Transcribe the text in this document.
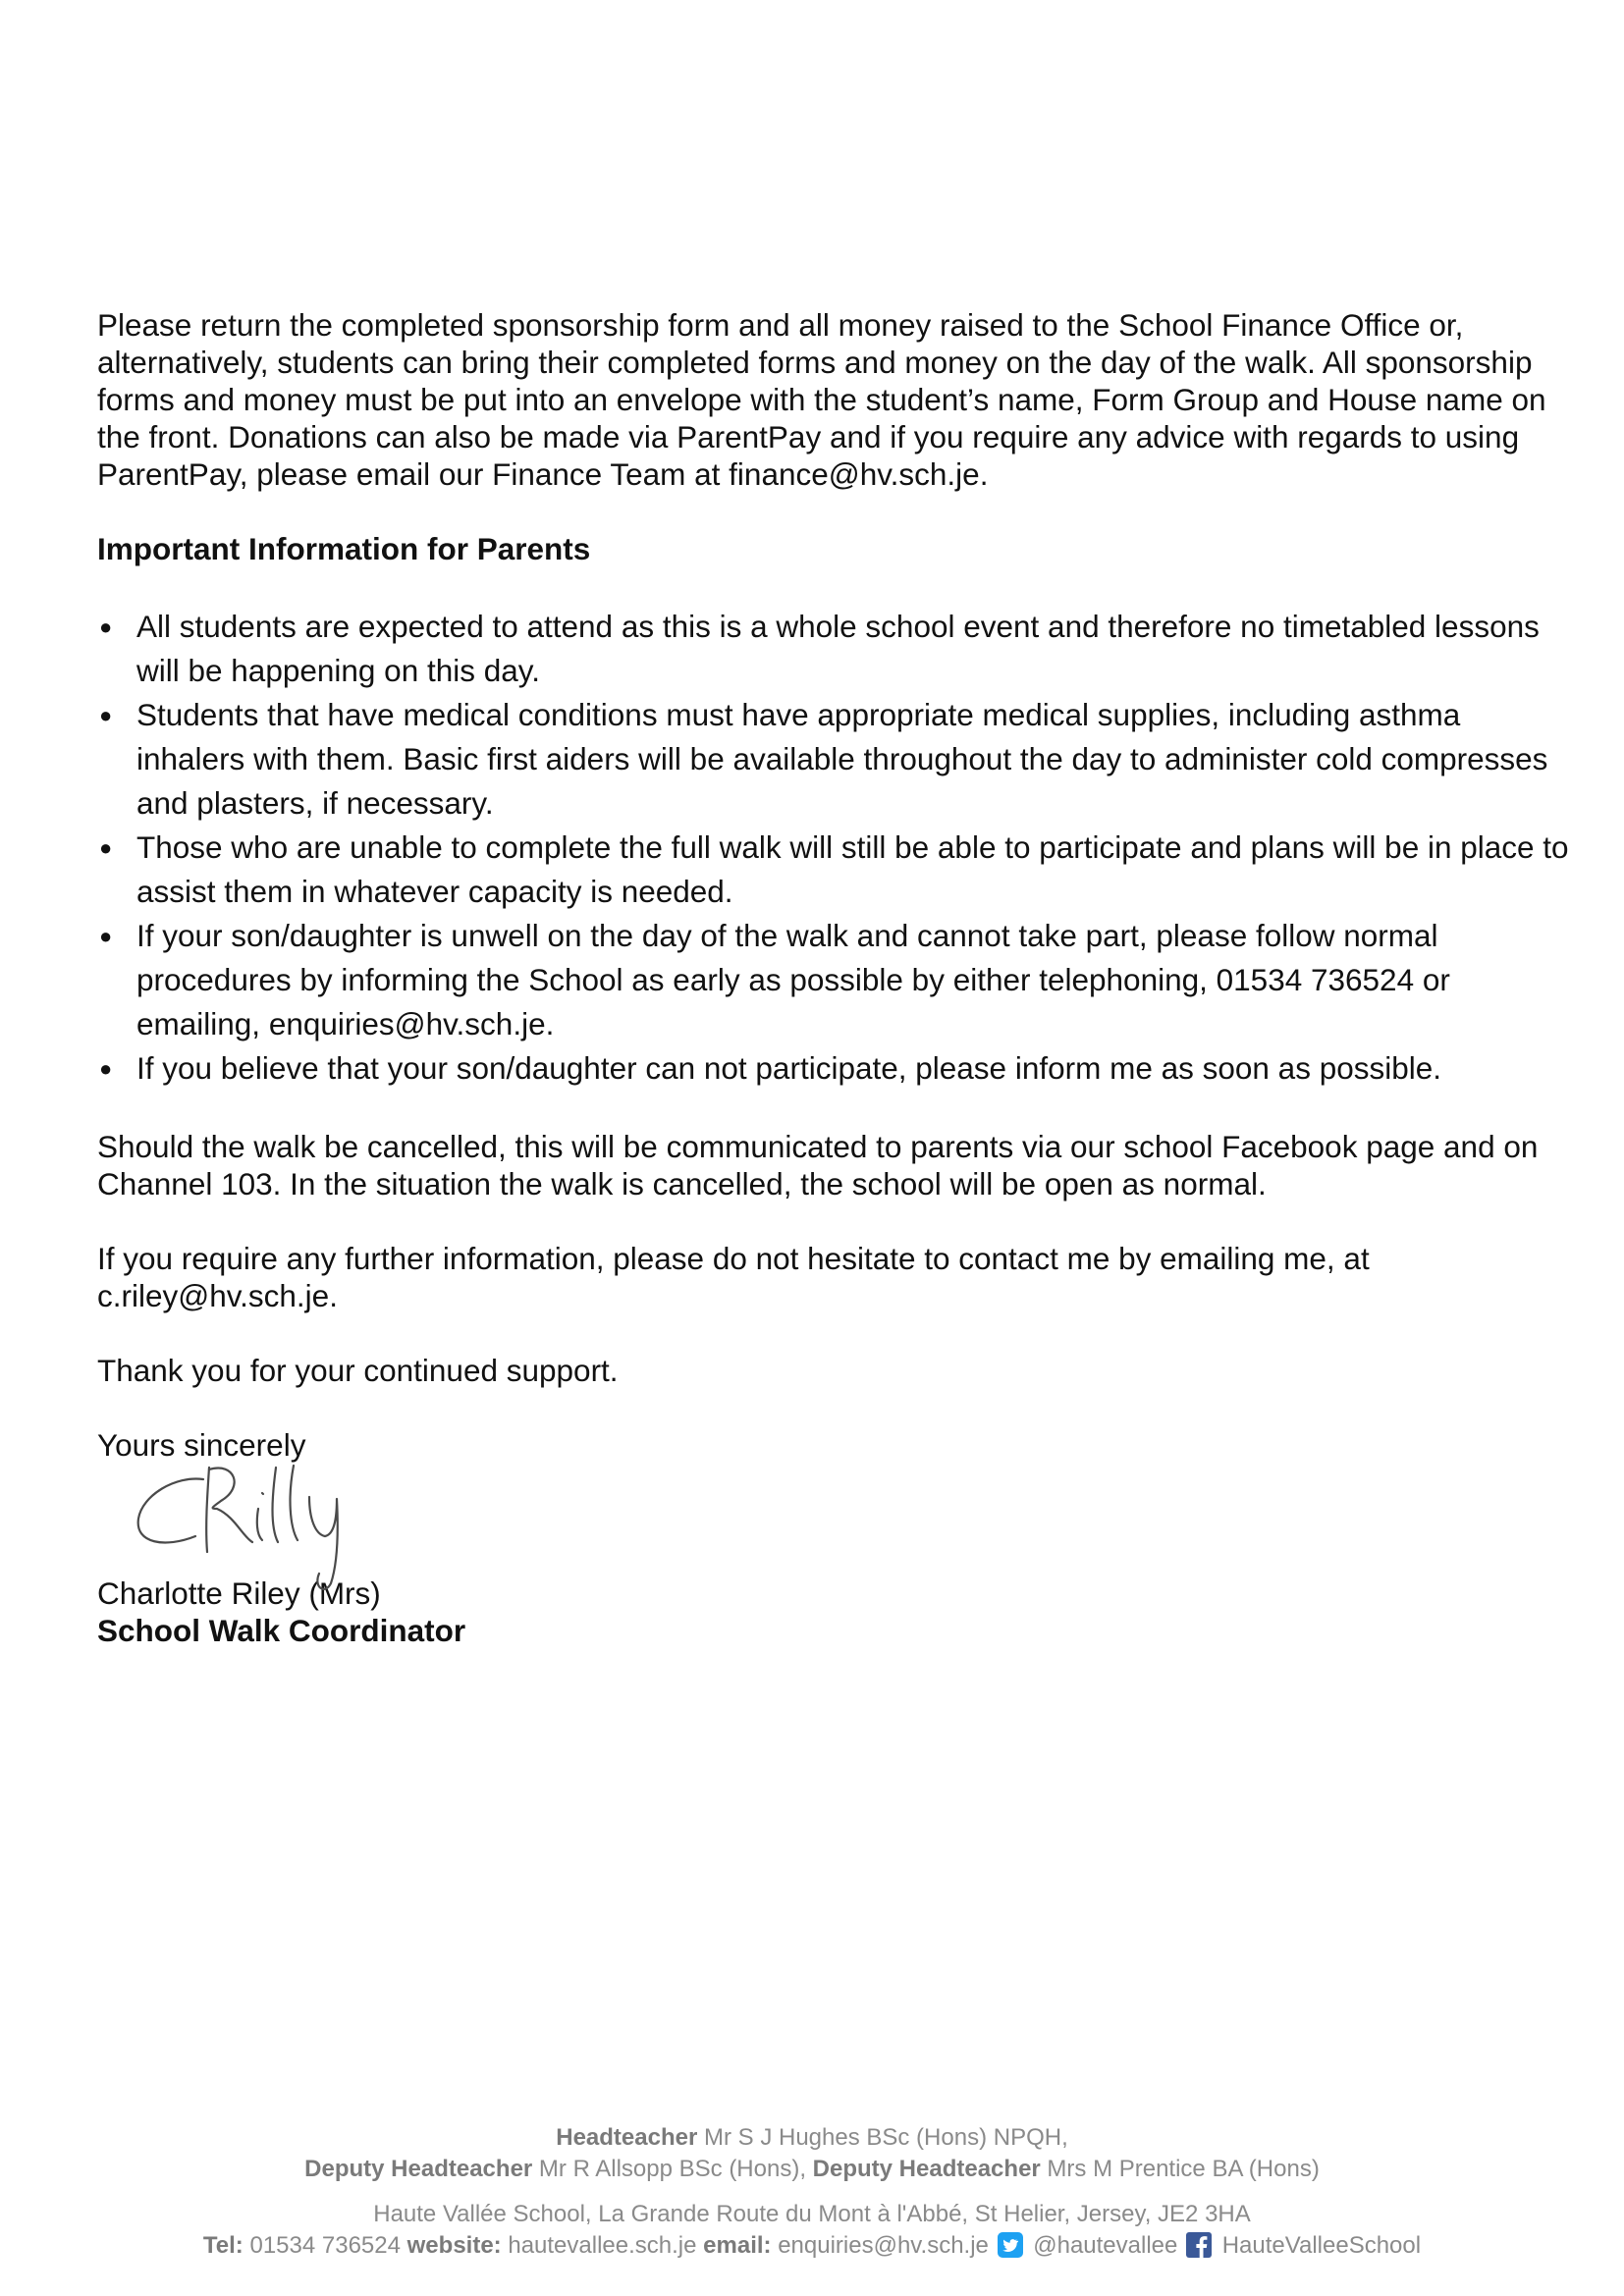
Please return the completed sponsorship form and all money raised to the School Finance Office or, alternatively, students can bring their completed forms and money on the day of the walk. All sponsorship forms and money must be put into an envelope with the student’s name, Form Group and House name on the front. Donations can also be made via ParentPay and if you require any advice with regards to using ParentPay, please email our Finance Team at finance@hv.sch.je.

Important Information for Parents

● All students are expected to attend as this is a whole school event and therefore no timetabled lessons will be happening on this day.
● Students that have medical conditions must have appropriate medical supplies, including asthma inhalers with them. Basic first aiders will be available throughout the day to administer cold compresses and plasters, if necessary.
● Those who are unable to complete the full walk will still be able to participate and plans will be in place to assist them in whatever capacity is needed.
● If your son/daughter is unwell on the day of the walk and cannot take part, please follow normal procedures by informing the School as early as possible by either telephoning, 01534 736524 or emailing, enquiries@hv.sch.je.
● If you believe that your son/daughter can not participate, please inform me as soon as possible.

Should the walk be cancelled, this will be communicated to parents via our school Facebook page and on Channel 103. In the situation the walk is cancelled, the school will be open as normal.

If you require any further information, please do not hesitate to contact me by emailing me, at c.riley@hv.sch.je.

Thank you for your continued support.

Yours sincerely

Charlotte Riley (Mrs)

School Walk Coordinator

Headteacher Mr S J Hughes BSc (Hons) NPQH,
Deputy Headteacher Mr R Allsopp BSc (Hons), Deputy Headteacher Mrs M Prentice BA (Hons)
Haute Vallée School, La Grande Route du Mont à l'Abbé, St Helier, Jersey, JE2 3HA
Tel: 01534 736524 website: hautevallee.sch.je email: enquiries@hv.sch.je @hautevallee HauteValleeSchool
